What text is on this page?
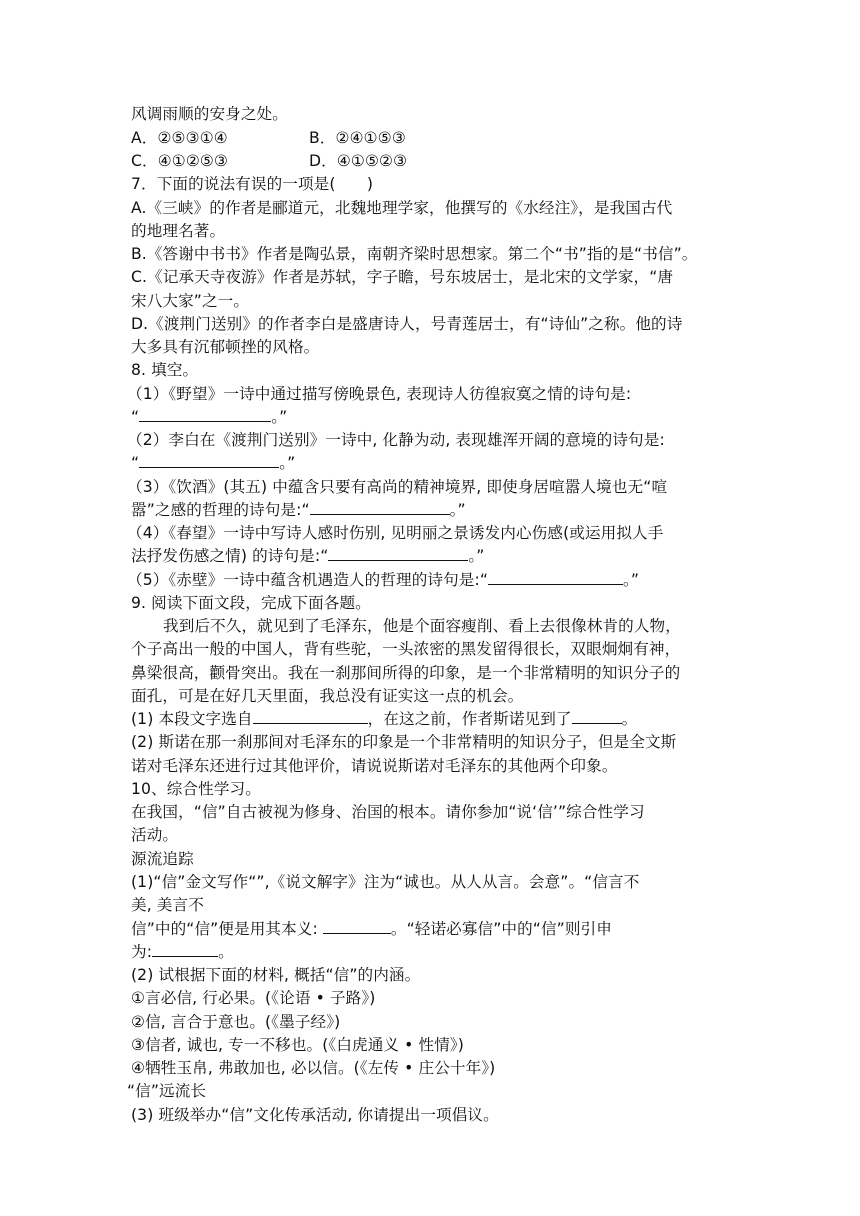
风调雨顺的安身之处。
A．②⑤③①④	B．②④①⑤③
C．④①②⑤③	D．④①⑤②③
7．下面的说法有误的一项是(　　)
A.《三峡》的作者是郦道元，北魏地理学家，他撰写的《水经注》，是我国古代
的地理名著。
B.《答谢中书书》作者是陶弘景，南朝齐梁时思想家。第二个“书”指的是“书信”。
C.《记承天寺夜游》作者是苏轼，字子瞻，号东坡居士，是北宋的文学家，“唐
宋八大家”之一。
D.《渡荆门送别》的作者李白是盛唐诗人，号青莲居士，有“诗仙”之称。他的诗
大多具有沉郁顿挫的风格。
8. 填空。
（1）《野望》一诗中通过描写傍晚景色, 表现诗人彷徨寂寞之情的诗句是:
“	。”
（2）李白在《渡荆门送别》一诗中, 化静为动, 表现雄浑开阔的意境的诗句是:
“	。”
（3）《饮酒》(其五) 中蕴含只要有高尚的精神境界, 即使身居喧嚣人境也无“喧
嚣”之感的哲理的诗句是:“	。”
（4）《春望》一诗中写诗人感时伤别, 见明丽之景诱发内心伤感(或运用拟人手
法抒发伤感之情) 的诗句是:“	。”
（5）《赤壁》一诗中蕴含机遇造人的哲理的诗句是:“	。”
9. 阅读下面文段，完成下面各题。
我到后不久，就见到了毛泽东，他是个面容瘦削、看上去很像林肯的人物，
个子高出一般的中国人，背有些驼，一头浓密的黑发留得很长，双眼炯炯有神，
鼻梁很高，颧骨突出。我在一刹那间所得的印象，是一个非常精明的知识分子的
面孔，可是在好几天里面，我总没有证实这一点的机会。
(1) 本段文字选自	，在这之前，作者斯诺见到了	。
(2) 斯诺在那一刹那间对毛泽东的印象是一个非常精明的知识分子，但是全文斯
诺对毛泽东还进行过其他评价，请说说斯诺对毛泽东的其他两个印象。
10、综合性学习。
在我国，“信”自古被视为修身、治国的根本。请你参加“说‘信’”综合性学习
活动。
源流追踪
(1)“信”金文写作“”,《说文解字》注为“诚也。从人从言。会意”。“信言不
美, 美言不
信”中的“信”便是用其本义:	。“轻诺必寡信”中的“信”则引申
为:	。
(2) 试根据下面的材料, 概括“信”的内涵。
①言必信, 行必果。(《论语 • 子路》)
②信, 言合于意也。(《墨子经》)
③信者, 诚也, 专一不移也。(《白虎通义 • 性情》)
④牺牲玉帛, 弗敢加也, 必以信。(《左传 • 庄公十年》)
“信”远流长
(3) 班级举办“信”文化传承活动, 你请提出一项倡议。
